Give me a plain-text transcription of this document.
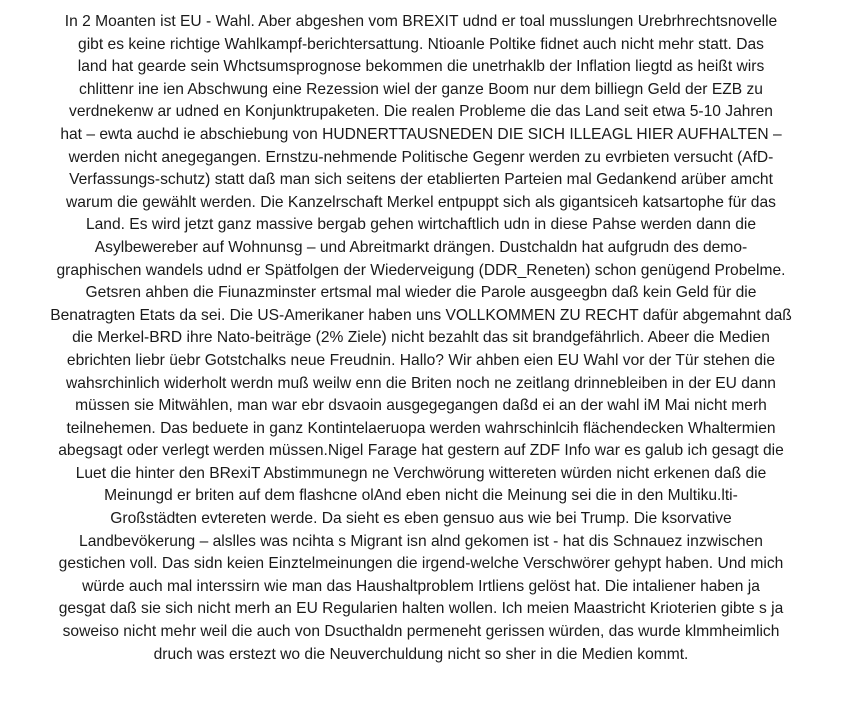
In 2 Moanten ist EU - Wahl. Aber abgeshen vom BREXIT udnd er toal musslungen Urebrhrechtsnovelle
gibt es keine richtige Wahlkampf-berichtersattung. Ntioanle Poltike fidnet auch nicht mehr statt. Das
land hat gearde sein Whctsumsprognose bekommen die unetrhaklb der Inflation liegtd as heißt wirs
chlittenr ine ien Abschwung eine Rezession wiel der ganze Boom nur dem billiegn Geld der EZB zu
verdnekenw ar udned en Konjunktrupaketen. Die realen Probleme die das Land seit etwa 5-10 Jahren
hat – ewta auchd ie abschiebung von HUDNERTTAUSNEDEN DIE SICH ILLEAGL HIER AUFHALTEN –
werden nicht anegegangen. Ernstzu-nehmende Politische Gegenr werden zu evrbieten versucht (AfD-
Verfassungs-schutz) statt daß man sich seitens der etablierten Parteien mal Gedankend arüber amcht
warum die gewählt werden. Die Kanzelrschaft Merkel entpuppt sich als gigantsiceh katsartophe für das
Land. Es wird jetzt ganz massive bergab gehen wirtchaftlich udn in diese Pahse werden dann die
Asylbewereber auf Wohnunsg – und Abreitmarkt drängen. Dustchaldn hat aufgrudn des demo-
graphischen wandels udnd er Spätfolgen der Wiederveigung (DDR_Reneten) schon genügend Probelme.
Getsren ahben die Fiunazminster ertsmal mal wieder die Parole ausgeegbn daß kein Geld für die
Benatragten Etats da sei. Die US-Amerikaner haben uns VOLLKOMMEN ZU RECHT dafür abgemahnt daß
die Merkel-BRD ihre Nato-beiträge (2% Ziele) nicht bezahlt das sit brandgefährlich. Abeer die Medien
ebrichten liebr üebr Gotstchalks neue Freudnin. Hallo? Wir ahben eien EU Wahl vor der Tür stehen die
wahsrchinlich widerholt werdn muß weilw enn die Briten noch ne zeitlang drinnebleiben in der EU dann
müssen sie Mitwählen, man war ebr dsvaoin ausgegegangen daßd ei an der wahl iM Mai nicht merh
teilnehemen. Das beduete in ganz Kontintelaeruopa werden wahrschinlcih flächendecken Whaltermien
abegsagt oder verlegt werden müssen.Nigel Farage hat gestern auf ZDF Info war es galub ich gesagt die
Luet die hinter den BRexiT Abstimmunegn ne Verchwörung wittereten würden nicht erkenen daß die
Meinungd er briten auf dem flashcne olAnd eben nicht die Meinung sei die in den Multiku.lti-
Großstädten evtereten werde. Da sieht es eben gensuo aus wie bei Trump. Die ksorvative
Landbevökerung – alslles was ncihta s Migrant isn alnd gekomen ist - hat dis Schnauez inzwischen
gestichen voll. Das sidn keien Einztelmeinungen die irgend-welche Verschwörer gehypt haben. Und mich
würde auch mal interssirn wie man das Haushaltproblem Irtliens gelöst hat. Die intaliener haben ja
gesgat daß sie sich nicht merh an EU Regularien halten wollen. Ich meien Maastricht Krioterien gibte s ja
soweiso nicht mehr weil die auch von Dsucthaldn permeneht gerissen würden, das wurde klmmheimlich
druch was erstezt wo die Neuverchuldung nicht so sher in die Medien kommt.
